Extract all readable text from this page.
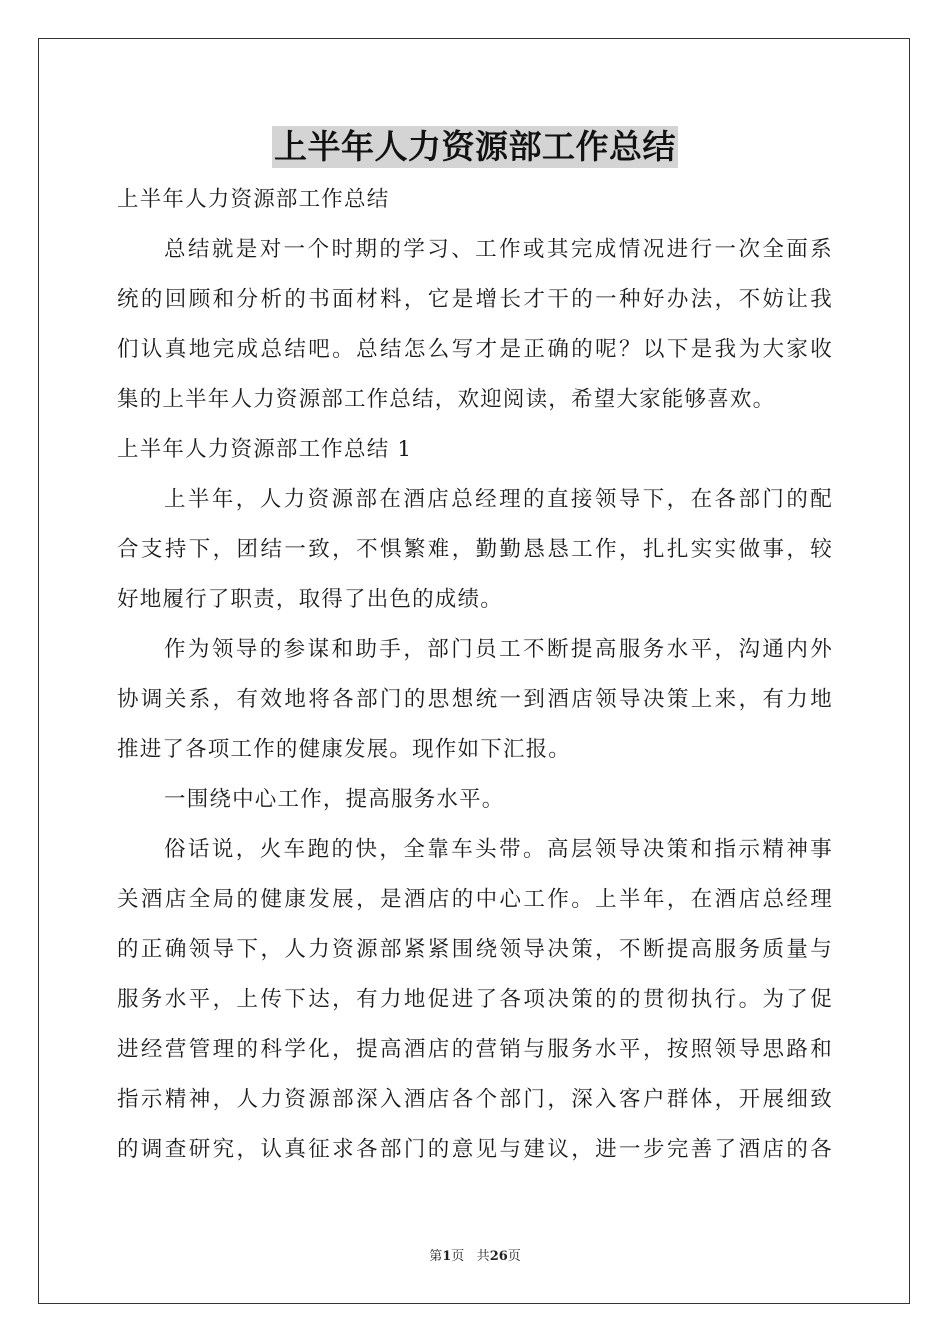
上半年人力资源部工作总结
上半年人力资源部工作总结
总结就是对一个时期的学习、工作或其完成情况进行一次全面系
统的回顾和分析的书面材料，它是增长才干的一种好办法，不妨让我
们认真地完成总结吧。总结怎么写才是正确的呢？以下是我为大家收
集的上半年人力资源部工作总结，欢迎阅读，希望大家能够喜欢。
上半年人力资源部工作总结 1
上半年，人力资源部在酒店总经理的直接领导下，在各部门的配
合支持下，团结一致，不惧繁难，勤勤恳恳工作，扎扎实实做事，较
好地履行了职责，取得了出色的成绩。
作为领导的参谋和助手，部门员工不断提高服务水平，沟通内外
协调关系，有效地将各部门的思想统一到酒店领导决策上来，有力地
推进了各项工作的健康发展。现作如下汇报。
一围绕中心工作，提高服务水平。
俗话说，火车跑的快，全靠车头带。高层领导决策和指示精神事
关酒店全局的健康发展，是酒店的中心工作。上半年，在酒店总经理
的正确领导下，人力资源部紧紧围绕领导决策，不断提高服务质量与
服务水平，上传下达，有力地促进了各项决策的的贯彻执行。为了促
进经营管理的科学化，提高酒店的营销与服务水平，按照领导思路和
指示精神，人力资源部深入酒店各个部门，深入客户群体，开展细致
的调查研究，认真征求各部门的意见与建议，进一步完善了酒店的各
第1页 共26页
